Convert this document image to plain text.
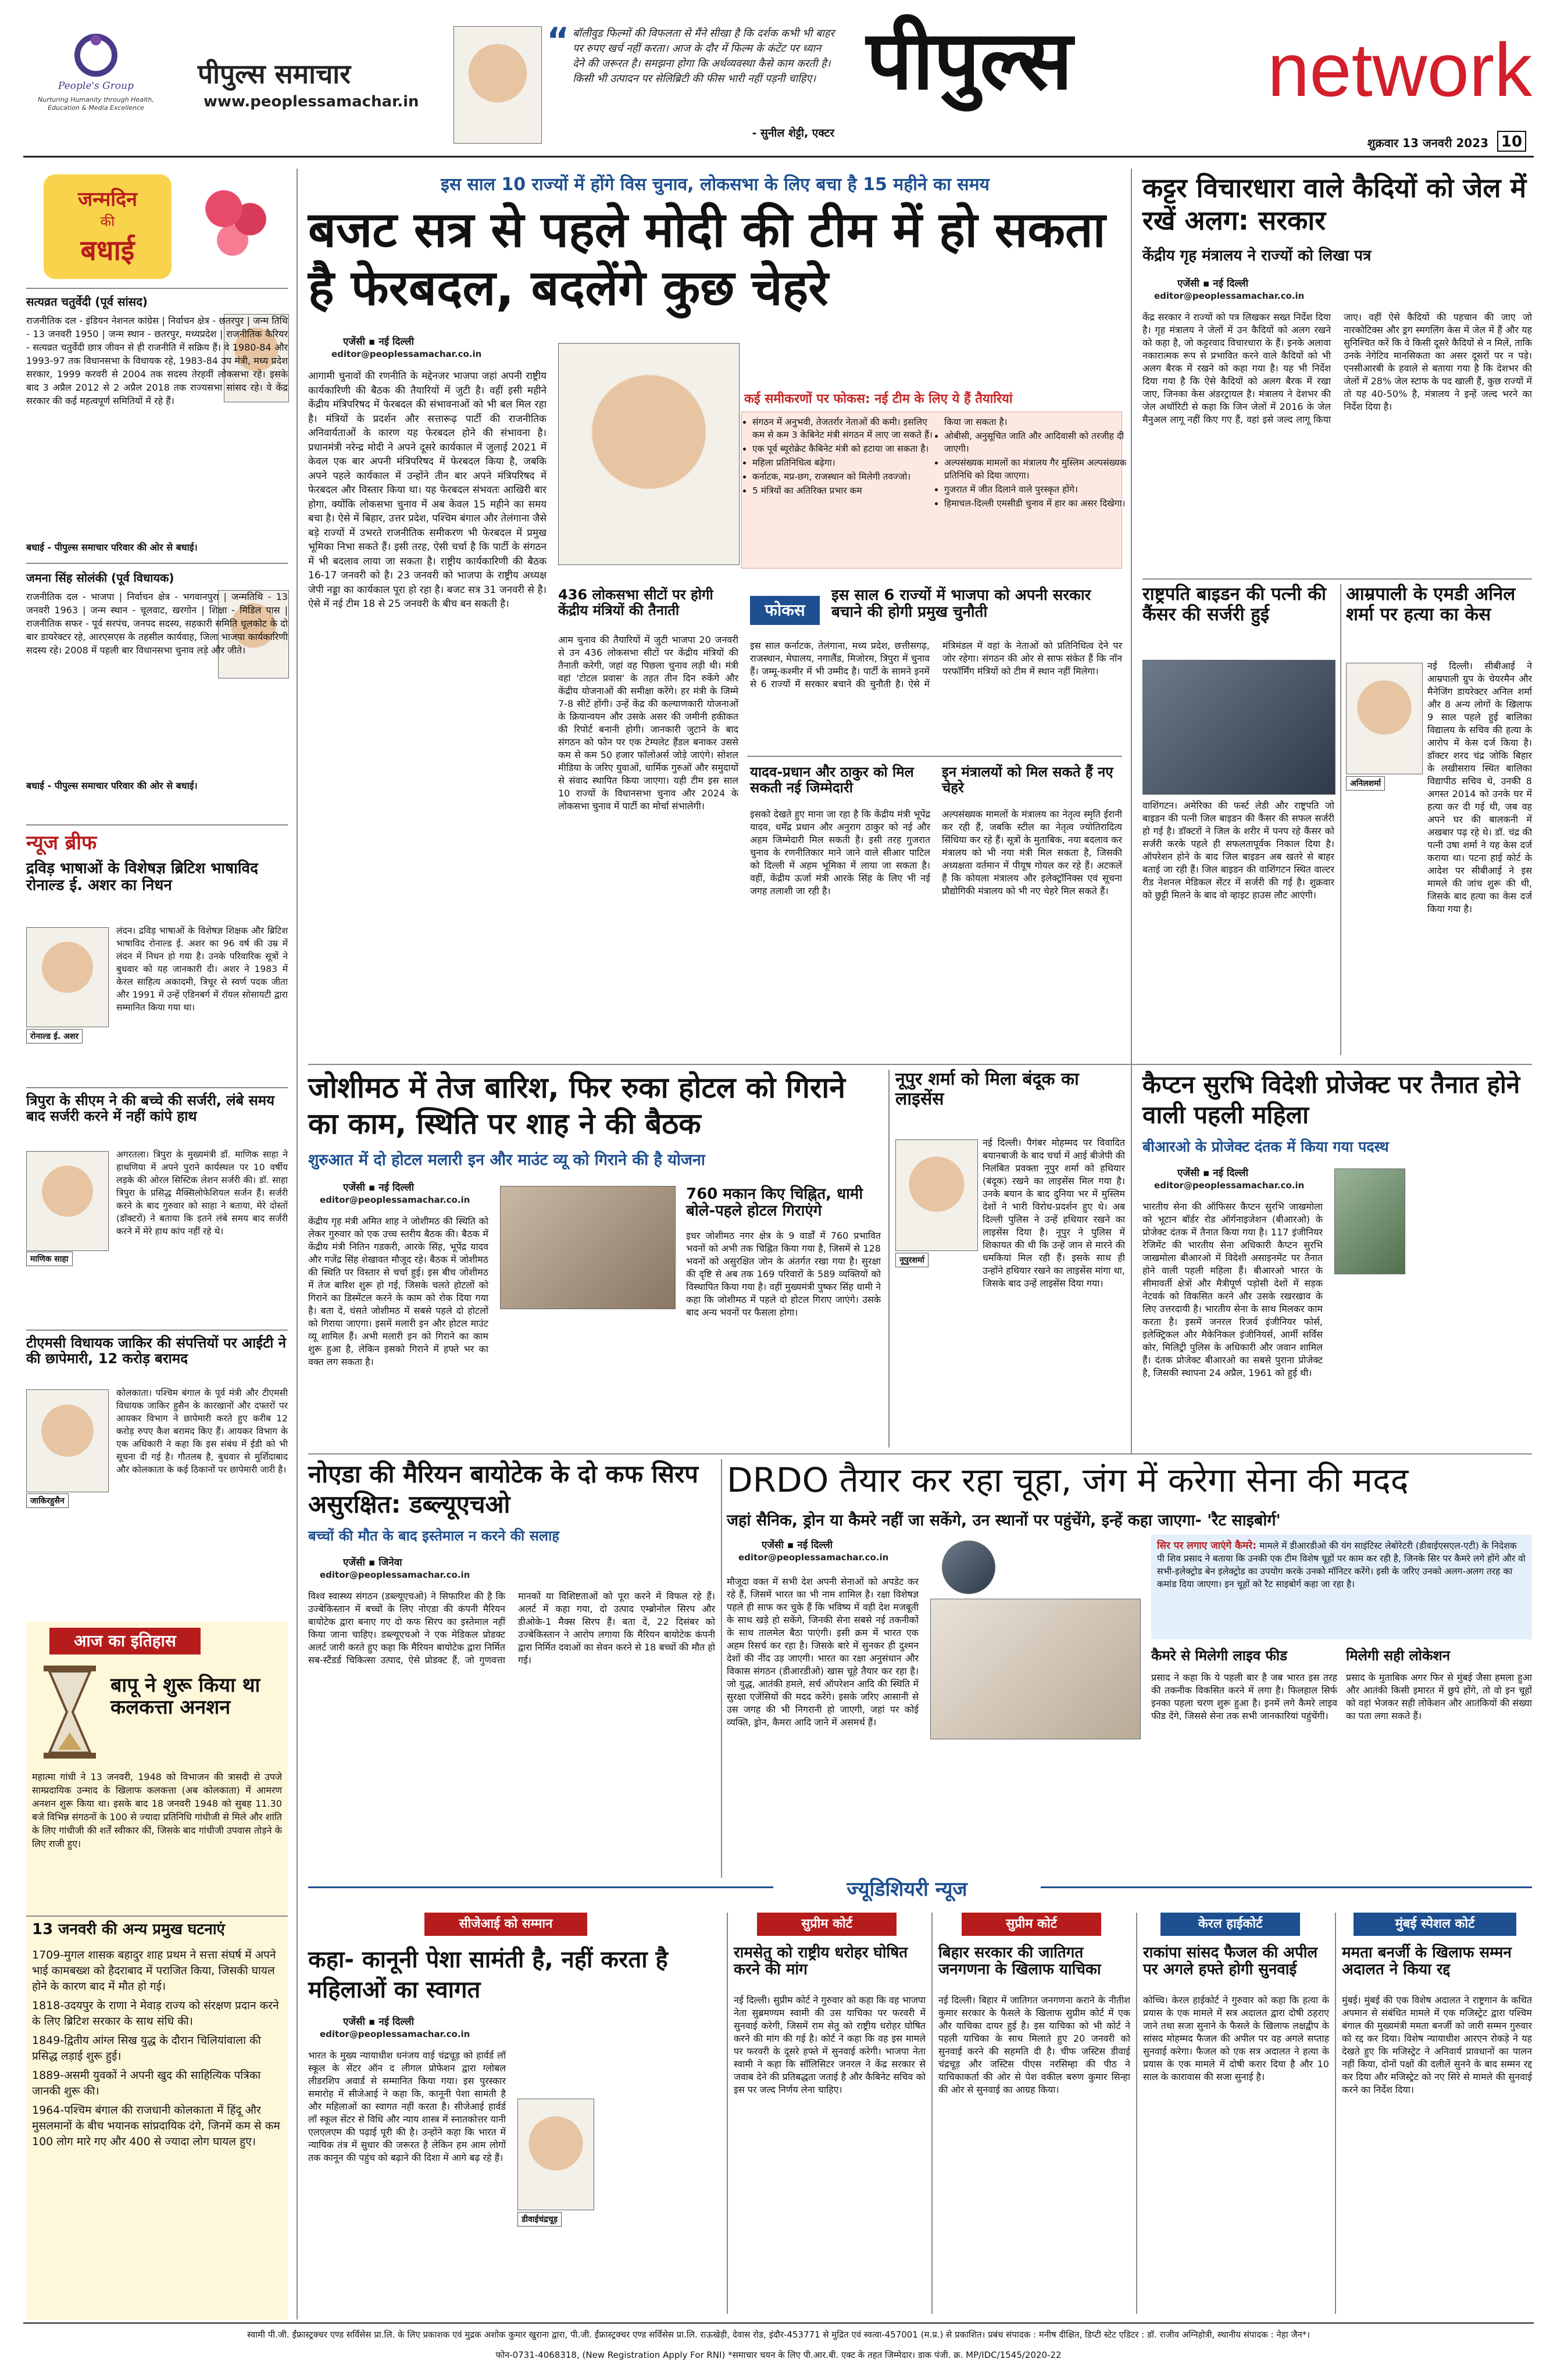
People's Group
Nurturing Humanity through Health, Education & Media Excellence
पीपुल्स समाचार
www.peoplessamachar.in
“ बॉलीवुड फिल्मों की विफलता से मैंने सीखा है कि दर्शक कभी भी बाहर पर रुपए खर्च नहीं करता। आज के दौर में फिल्म के कंटेंट पर ध्यान देने की जरूरत है। समझना होगा कि अर्थव्यवस्था कैसे काम करती है। किसी भी उत्पादन पर सेलिब्रिटी की फीस भारी नहीं पड़नी चाहिए।
- सुनील शेट्टी, एक्टर
पीपुल्स	network
शुक्रवार 13 जनवरी 2023 10
जन्मदिन
की
बधाई
सत्यव्रत चतुर्वेदी (पूर्व सांसद)
राजनीतिक दल - इंडियन नेशनल कांग्रेस | निर्वाचन क्षेत्र - छतरपुर | जन्म तिथि - 13 जनवरी 1950 | जन्म स्थान - छतरपुर, मध्यप्रदेश | राजनीतिक कैरियर - सत्यव्रत चतुर्वेदी छात्र जीवन से ही राजनीति में सक्रिय हैं। वे 1980-84 और 1993-97 तक विधानसभा के विधायक रहे, 1983-84 उप मंत्री, मध्य प्रदेश सरकार, 1999 करवरी से 2004 तक सदस्य तेरहवीं लोकसभा रहे। इसके बाद 3 अप्रैल 2012 से 2 अप्रैल 2018 तक राज्यसभा सांसद रहे। वे केंद्र सरकार की कई महत्वपूर्ण समितियों में रहे हैं।
बधाई - पीपुल्स समाचार परिवार की ओर से बधाई।
जमना सिंह सोलंकी (पूर्व विधायक)
राजनीतिक दल - भाजपा | निर्वाचन क्षेत्र - भगवानपुरा | जन्मतिथि - 13 जनवरी 1963 | जन्म स्थान - चूलवाट, खरगोन | शिक्षा - मिडिल पास | राजनीतिक सफर - पूर्व सरपंच, जनपद सदस्य, सहकारी समिति धूलकोट के दो बार डायरेक्टर रहे, आरएसएस के तहसील कार्यवाह, जिला भाजपा कार्यकारिणी सदस्य रहे। 2008 में पहली बार विधानसभा चुनाव लड़े और जीते।
बधाई - पीपुल्स समाचार परिवार की ओर से बधाई।
न्यूज ब्रीफ
द्रविड़ भाषाओं के विशेषज्ञ ब्रिटिश भाषाविद रोनाल्ड ई. अशर का निधन
रोनाल्ड ई. अशर
लंदन। द्रविड़ भाषाओं के विशेषज्ञ शिक्षक और ब्रिटिश भाषाविद रोनाल्ड ई. अशर का 96 वर्ष की उम्र में लंदन में निधन हो गया है। उनके परिवारिक सूत्रों ने बुधवार को यह जानकारी दी। अशर ने 1983 में केरल साहित्य अकादमी, त्रिचूर से स्वर्ण पदक जीता और 1991 में उन्हें एडिनबर्ग में रॉयल सोसायटी द्वारा सम्मानित किया गया था।
त्रिपुरा के सीएम ने की बच्चे की सर्जरी, लंबे समय बाद सर्जरी करने में नहीं कांपे हाथ
माणिक साहा
अगरतला। त्रिपुरा के मुख्यमंत्री डॉ. माणिक साहा ने हाथणिया में अपने पुराने कार्यस्थल पर 10 वर्षीय लड़के की ओरल सिस्टिक लेशन सर्जरी की। डॉ. साहा त्रिपुरा के प्रसिद्ध मैक्सिलोफेशियल सर्जन हैं। सर्जरी करने के बाद गुरुवार को साहा ने बताया, मेरे दोस्तों (डॉक्टरों) ने बताया कि इतने लंबे समय बाद सर्जरी करने में मेरे हाथ कांप नहीं रहे थे।
टीएमसी विधायक जाकिर की संपत्तियों पर आईटी ने की छापेमारी, 12 करोड़ बरामद
जाकिरहुसैन
कोलकाता। पश्चिम बंगाल के पूर्व मंत्री और टीएमसी विधायक जाकिर हुसैन के कारखानों और दफ्तरों पर आयकर विभाग ने छापेमारी करते हुए करीब 12 करोड़ रुपए कैश बरामद किए हैं। आयकर विभाग के एक अधिकारी ने कहा कि इस संबंध में ईडी को भी सूचना दी गई है। गौतलब है, बुधवार से मुर्शिदाबाद और कोलकाता के कई ठिकानों पर छापेमारी जारी है।
आज का इतिहास
बापू ने शुरू किया था कलकत्ता अनशन
महात्मा गांधी ने 13 जनवरी, 1948 को विभाजन की त्रासदी से उपजे साम्प्रदायिक उन्माद के खिलाफ कलकत्ता (अब कोलकाता) में आमरण अनशन शुरू किया था। इसके बाद 18 जनवरी 1948 को सुबह 11.30 बजे विभिन्न संगठनों के 100 से ज्यादा प्रतिनिधि गांधीजी से मिले और शांति के लिए गांधीजी की शर्तें स्वीकार कीं, जिसके बाद गांधीजी उपवास तोड़ने के लिए राजी हुए।
13 जनवरी की अन्य प्रमुख घटनाएं
1709-मुगल शासक बहादुर शाह प्रथम ने सत्ता संघर्ष में अपने भाई कामबख्श को हैदराबाद में पराजित किया, जिसकी घायल होने के कारण बाद में मौत हो गई।
1818-उदयपुर के राणा ने मेवाड़ राज्य को संरक्षण प्रदान करने के लिए ब्रिटिश सरकार के साथ संधि की।
1849-द्वितीय आंग्ल सिख युद्ध के दौरान चिलियांवाला की प्रसिद्ध लड़ाई शुरू हुई।
1889-असमी युवकों ने अपनी खुद की साहित्यिक पत्रिका जानकी शुरू की।
1964-पश्चिम बंगाल की राजधानी कोलकाता में हिंदू और मुसलमानों के बीच भयानक सांप्रदायिक दंगे, जिनमें कम से कम 100 लोग मारे गए और 400 से ज्यादा लोग घायल हुए।
इस साल 10 राज्यों में होंगे विस चुनाव, लोकसभा के लिए बचा है 15 महीने का समय
बजट सत्र से पहले मोदी की टीम में हो सकता है फेरबदल, बदलेंगे कुछ चेहरे
एजेंसी ▪ नई दिल्ली
editor@peoplessamachar.co.in
आगामी चुनावों की रणनीति के मद्देनजर भाजपा जहां अपनी राष्ट्रीय कार्यकारिणी की बैठक की तैयारियों में जुटी है। वहीं इसी महीने केंद्रीय मंत्रिपरिषद में फेरबदल की संभावनाओं को भी बल मिल रहा है। मंत्रियों के प्रदर्शन और सत्तारूढ़ पार्टी की राजनीतिक अनिवार्यताओं के कारण यह फेरबदल होने की संभावना है। प्रधानमंत्री नरेन्द्र मोदी ने अपने दूसरे कार्यकाल में जुलाई 2021 में केवल एक बार अपनी मंत्रिपरिषद में फेरबदल किया है, जबकि अपने पहले कार्यकाल में उन्होंने तीन बार अपने मंत्रिपरिषद में फेरबदल और विस्तार किया था। यह फेरबदल संभवतः आखिरी बार होगा, क्योंकि लोकसभा चुनाव में अब केवल 15 महीने का समय बचा है। ऐसे में बिहार, उत्तर प्रदेश, पश्चिम बंगाल और तेलंगाना जैसे बड़े राज्यों में उभरते राजनीतिक समीकरण भी फेरबदल में प्रमुख भूमिका निभा सकते हैं। इसी तरह, ऐसी चर्चा है कि पार्टी के संगठन में भी बदलाव लाया जा सकता है। राष्ट्रीय कार्यकारिणी की बैठक 16-17 जनवरी को है। 23 जनवरी को भाजपा के राष्ट्रीय अध्यक्ष जेपी नड्डा का कार्यकाल पूरा हो रहा है। बजट सत्र 31 जनवरी से है। ऐसे में नई टीम 18 से 25 जनवरी के बीच बन सकती है।
कई समीकरणों पर फोकस: नई टीम के लिए ये हैं तैयारियां
• संगठन में अनुभवी, तेजतर्रार नेताओं की कमी। इसलिए कम से कम 3 केबिनेट मंत्री संगठन में लाए जा सकते हैं।
• एक पूर्व ब्यूरोक्रेट कैबिनेट मंत्री को हटाया जा सकता है।
• महिला प्रतिनिधित्व बढ़ेगा।
• कर्नाटक, मप्र-छग, राजस्थान को मिलेगी तवज्जो।
• 5 मंत्रियों का अतिरिक्त प्रभार कम
किया जा सकता है।
• ओबीसी, अनुसूचित जाति और आदिवासी को तरजीह दी जाएगी।
• अल्पसंख्यक मामलों का मंत्रालय गैर मुस्लिम अल्पसंख्यक प्रतिनिधि को दिया जाएगा।
• गुजरात में जीत दिलाने वाले पुरस्कृत होंगे।
• हिमाचल-दिल्ली एमसीडी चुनाव में हार का असर दिखेगा।
436 लोकसभा सीटों पर होगी केंद्रीय मंत्रियों की तैनाती
आम चुनाव की तैयारियों में जुटी भाजपा 20 जनवरी से उन 436 लोकसभा सीटों पर केंद्रीय मंत्रियों की तैनाती करेगी, जहां वह पिछला चुनाव लड़ी थी। मंत्री वहां 'टोटल प्रवास' के तहत तीन दिन रुकेंगे और केंद्रीय योजनाओं की समीक्षा करेंगे। हर मंत्री के जिम्मे 7-8 सीटें होंगी। उन्हें केंद्र की कल्याणकारी योजनाओं के क्रियान्वयन और उसके असर की जमीनी हकीकत की रिपोर्ट बनानी होगी। जानकारी जुटाने के बाद संगठन को फोन पर एक टेम्पलेट हैंडल बनाकर उससे कम से कम 50 हजार फॉलोअर्स जोड़े जाएंगे। सोशल मीडिया के जरिए युवाओं, धार्मिक गुरुओं और समुदायों से संवाद स्थापित किया जाएगा। यही टीम इस साल 10 राज्यों के विधानसभा चुनाव और 2024 के लोकसभा चुनाव में पार्टी का मोर्चा संभालेगी।
फोकस
इस साल 6 राज्यों में भाजपा को अपनी सरकार बचाने की होगी प्रमुख चुनौती
इस साल कर्नाटक, तेलंगाना, मध्य प्रदेश, छत्तीसगढ़, राजस्थान, मेघालय, नगालैंड, मिजोरम, त्रिपुरा में चुनाव हैं। जम्मू-कश्मीर में भी उम्मीद है। पार्टी के सामने इनमें से 6 राज्यों में सरकार बचाने की चुनौती है। ऐसे में मंत्रिमंडल में वहां के नेताओं को प्रतिनिधित्व देने पर जोर रहेगा। संगठन की ओर से साफ संकेत हैं कि नॉन परफॉर्मिंग मंत्रियों को टीम में स्थान नहीं मिलेगा।
यादव-प्रधान और ठाकुर को मिल सकती नई जिम्मेदारी
इसको देखते हुए माना जा रहा है कि केंद्रीय मंत्री भूपेंद्र यादव, धर्मेंद्र प्रधान और अनुराग ठाकुर को नई और अहम जिम्मेदारी मिल सकती है। इसी तरह गुजरात चुनाव के रणनीतिकार माने जाने वाले सीआर पाटिल को दिल्ली में अहम भूमिका में लाया जा सकता है। वहीं, केंद्रीय ऊर्जा मंत्री आरके सिंह के लिए भी नई जगह तलाशी जा रही है।
इन मंत्रालयों को मिल सकते हैं नए चेहरे
अल्पसंख्यक मामलों के मंत्रालय का नेतृत्व स्मृति ईरानी कर रही हैं, जबकि स्टील का नेतृत्व ज्योतिरादित्य सिंधिया कर रहे हैं। सूत्रों के मुताबिक, नया बदलाव कर मंत्रालय को भी नया मंत्री मिल सकता है, जिसकी अध्यक्षता वर्तमान में पीयूष गोयल कर रहे हैं। अटकलें हैं कि कोयला मंत्रालय और इलेक्ट्रॉनिक्स एवं सूचना प्रौद्योगिकी मंत्रालय को भी नए चेहरे मिल सकते हैं।
कट्टर विचारधारा वाले कैदियों को जेल में रखें अलग: सरकार
केंद्रीय गृह मंत्रालय ने राज्यों को लिखा पत्र
एजेंसी ▪ नई दिल्ली
editor@peoplessamachar.co.in
केंद्र सरकार ने राज्यों को पत्र लिखकर सख्त निर्देश दिया है। गृह मंत्रालय ने जेलों में उन कैदियों को अलग रखने को कहा है, जो कट्टरवाद विचारधारा के हैं। इनके अलावा नकारात्मक रूप से प्रभावित करने वाले कैदियों को भी अलग बैरक में रखने को कहा गया है। यह भी निर्देश दिया गया है कि ऐसे कैदियों को अलग बैरक में रखा जाए, जिनका केस अंडरट्रायल है। मंत्रालय ने देशभर की जेल अथॉरिटी से कहा कि जिन जेलों में 2016 के जेल मैनुअल लागू नहीं किए गए हैं, वहां इसे जल्द लागू किया जाए। वहीं ऐसे कैदियों की पहचान की जाए जो नारकोटिक्स और ड्रग स्मगलिंग केस में जेल में हैं और यह सुनिश्चित करें कि वे किसी दूसरे कैदियों से न मिलें, ताकि उनके नेगेटिव मानसिकता का असर दूसरों पर न पड़े। एनसीआरबी के हवाले से बताया गया है कि देशभर की जेलों में 28% जेल स्टाफ के पद खाली हैं, कुछ राज्यों में तो यह 40-50% है, मंत्रालय ने इन्हें जल्द भरने का निर्देश दिया है।
राष्ट्रपति बाइडन की पत्नी की कैंसर की सर्जरी हुई
वाशिंगटन। अमेरिका की फर्स्ट लेडी और राष्ट्रपति जो बाइडन की पत्नी जिल बाइडन की कैंसर की सफल सर्जरी हो गई है। डॉक्टरों ने जिल के शरीर में पनप रहे कैंसर को सर्जरी करके पहले ही सफलतापूर्वक निकाल दिया है। ऑपरेशन होने के बाद जिल बाइडन अब खतरे से बाहर बताई जा रही हैं। जिल बाइडन की वाशिंगटन स्थित वाल्टर रीड नेशनल मेडिकल सेंटर में सर्जरी की गई है। शुक्रवार को छुट्टी मिलने के बाद वो व्हाइट हाउस लौट आएंगी।
आम्रपाली के एमडी अनिल शर्मा पर हत्या का केस
अनिलशर्मा
नई दिल्ली। सीबीआई ने आम्रपाली ग्रुप के चेयरमैन और मैनेजिंग डायरेक्टर अनिल शर्मा और 8 अन्य लोगों के खिलाफ 9 साल पहले हुई बालिका विद्यालय के सचिव की हत्या के आरोप में केस दर्ज किया है। डॉक्टर शरद चंद्र जोकि बिहार के लखीसराय स्थित बालिका विद्यापीठ सचिव थे, उनकी 8 अगस्त 2014 को उनके घर में हत्या कर दी गई थी, जब वह अपने घर की बालकनी में अखबार पढ़ रहे थे। डॉ. चंद्र की पत्नी उषा शर्मा ने यह केस दर्ज कराया था। पटना हाई कोर्ट के आदेश पर सीबीआई ने इस मामले की जांच शुरू की थी, जिसके बाद हत्या का केस दर्ज किया गया है।
जोशीमठ में तेज बारिश, फिर रुका होटल को गिराने का काम, स्थिति पर शाह ने की बैठक
शुरुआत में दो होटल मलारी इन और माउंट व्यू को गिराने की है योजना
एजेंसी ▪ नई दिल्ली
editor@peoplessamachar.co.in
केंद्रीय गृह मंत्री अमित शाह ने जोशीमठ की स्थिति को लेकर गुरुवार को एक उच्च स्तरीय बैठक की। बैठक में केंद्रीय मंत्री नितिन गडकरी, आरके सिंह, भूपेंद्र यादव और गजेंद्र सिंह शेखावत मौजूद रहे। बैठक में जोशीमठ की स्थिति पर विस्तार से चर्चा हुई। इस बीच जोशीमठ में तेज बारिश शुरू हो गई, जिसके चलते होटलों को गिराने का डिस्मेंटल करने के काम को रोक दिया गया है। बता दें, धंसते जोशीमठ में सबसे पहले दो होटलों को गिराया जाएगा। इसमें मलारी इन और होटल माउंट व्यू शामिल हैं। अभी मलारी इन को गिराने का काम शुरू हुआ है, लेकिन इसको गिराने में हफ्ते भर का वक्त लग सकता है।
760 मकान किए चिह्नित, धामी बोले-पहले होटल गिराएंगे
इधर जोशीमठ नगर क्षेत्र के 9 वार्डों में 760 प्रभावित भवनों को अभी तक चिह्नित किया गया है, जिसमें से 128 भवनों को असुरक्षित जोन के अंतर्गत रखा गया है। सुरक्षा की दृष्टि से अब तक 169 परिवारों के 589 व्यक्तियों को विस्थापित किया गया है। वहीं मुख्यमंत्री पुष्कर सिंह धामी ने कहा कि जोशीमठ में पहले दो होटल गिराए जाएंगे। उसके बाद अन्य भवनों पर फैसला होगा।
नूपुर शर्मा को मिला बंदूक का लाइसेंस
नूपुरशर्मा
नई दिल्ली। पैगंबर मोहम्मद पर विवादित बयानबाजी के बाद चर्चा में आई बीजेपी की निलंबित प्रवक्ता नूपुर शर्मा को हथियार (बंदूक) रखने का लाइसेंस मिल गया है। उनके बयान के बाद दुनिया भर में मुस्लिम देशों ने भारी विरोध-प्रदर्शन हुए थे। अब दिल्ली पुलिस ने उन्हें हथियार रखने का लाइसेंस दिया है। नूपुर ने पुलिस में शिकायत की थी कि उन्हें जान से मारने की धमकियां मिल रही हैं। इसके साथ ही उन्होंने हथियार रखने का लाइसेंस मांगा था, जिसके बाद उन्हें लाइसेंस दिया गया।
कैप्टन सुरभि विदेशी प्रोजेक्ट पर तैनात होने वाली पहली महिला
बीआरओ के प्रोजेक्ट दंतक में किया गया पदस्थ
एजेंसी ▪ नई दिल्ली
editor@peoplessamachar.co.in
भारतीय सेना की ऑफिसर कैप्टन सुरभि जाखमोला को भूटान बॉर्डर रोड ऑर्गनाइजेशन (बीआरओ) के प्रोजेक्ट दंतक में तैनात किया गया है। 117 इंजीनियर रेजिमेंट की भारतीय सेना अधिकारी कैप्टन सुरभि जाखमोला बीआरओ में विदेशी असाइनमेंट पर तैनात होने वाली पहली महिला हैं। बीआरओ भारत के सीमावर्ती क्षेत्रों और मैत्रीपूर्ण पड़ोसी देशों में सड़क नेटवर्क को विकसित करने और उसके रखरखाव के लिए उत्तरदायी है। भारतीय सेना के साथ मिलकर काम करता है। इसमें जनरल रिजर्व इंजीनियर फोर्स, इलेक्ट्रिकल और मैकेनिकल इंजीनियर्स, आर्मी सर्विस कोर, मिलिट्री पुलिस के अधिकारी और जवान शामिल हैं। दंतक प्रोजेक्ट बीआरओ का सबसे पुराना प्रोजेक्ट है, जिसकी स्थापना 24 अप्रैल, 1961 को हुई थी।
नोएडा की मैरियन बायोटेक के दो कफ सिरप असुरक्षित: डब्ल्यूएचओ
बच्चों की मौत के बाद इस्तेमाल न करने की सलाह
एजेंसी ▪ जिनेवा
editor@peoplessamachar.co.in
विश्व स्वास्थ्य संगठन (डब्ल्यूएचओ) ने सिफारिश की है कि उज्बेकिस्तान में बच्चों के लिए नोएडा की कंपनी मैरियन बायोटेक द्वारा बनाए गए दो कफ सिरप का इस्तेमाल नहीं किया जाना चाहिए। डब्ल्यूएचओ ने एक मेडिकल प्रोडक्ट अलर्ट जारी करते हुए कहा कि मैरियन बायोटेक द्वारा निर्मित सब-स्टैंडर्ड चिकित्सा उत्पाद, ऐसे प्रोडक्ट हैं, जो गुणवत्ता मानकों या विशिष्टताओं को पूरा करने में विफल रहे हैं। अलर्ट में कहा गया, दो उत्पाद एम्ब्रोनोल सिरप और डीओके-1 मैक्स सिरप हैं। बता दें, 22 दिसंबर को उज्बेकिस्तान ने आरोप लगाया कि मैरियन बायोटेक कंपनी द्वारा निर्मित दवाओं का सेवन करने से 18 बच्चों की मौत हो गई।
DRDO तैयार कर रहा चूहा, जंग में करेगा सेना की मदद
जहां सैनिक, ड्रोन या कैमरे नहीं जा सकेंगे, उन स्थानों पर पहुंचेंगे, इन्हें कहा जाएगा- 'रैट साइबोर्ग'
एजेंसी ▪ नई दिल्ली
editor@peoplessamachar.co.in
मौजूदा वक्त में सभी देश अपनी सेनाओं को अपडेट कर रहे हैं, जिसमें भारत का भी नाम शामिल है। रक्षा विशेषज्ञ पहले ही साफ कर चुके हैं कि भविष्य में वही देश मजबूती के साथ खड़े हो सकेंगे, जिनकी सेना सबसे नई तकनीकों के साथ तालमेल बैठा पाएंगी। इसी क्रम में भारत एक अहम रिसर्च कर रहा है। जिसके बारे में सुनकर ही दुश्मन देशों की नींद उड़ जाएगी। भारत का रक्षा अनुसंधान और विकास संगठन (डीआरडीओ) खास चूहे तैयार कर रहा है। जो युद्ध, आतंकी हमले, सर्च ऑपरेशन आदि की स्थिति में सुरक्षा एजेंसियों की मदद करेंगे। इसके जरिए आसानी से उस जगह की भी निगरानी हो जाएगी, जहां पर कोई व्यक्ति, ड्रोन, कैमरा आदि जाने में असमर्थ हैं।
सिर पर लगाए जाएंगे कैमरे: मामले में डीआरडीओ की यंग साइंटिस्ट लेबोरेटरी (डीवाईएसएल-एटी) के निदेशक पी शिव प्रसाद ने बताया कि उनकी एक टीम विशेष चूहों पर काम कर रही है, जिनके सिर पर कैमरे लगे होंगे और वो सभी-इलेक्ट्रोड बेन इलेक्ट्रोड का उपयोग करके उनको मॉनिटर करेंगे। इसी के जरिए उनको अलग-अलग तरह का कमांड दिया जाएगा। इन चूहों को रैट साइबोर्ग कहा जा रहा है।
कैमरे से मिलेगी लाइव फीड
प्रसाद ने कहा कि ये पहली बार है जब भारत इस तरह की तकनीक विकसित करने में लगा है। फिलहाल सिर्फ इनका पहला चरण शुरू हुआ है। इनमें लगे कैमरे लाइव फीड देंगे, जिससे सेना तक सभी जानकारियां पहुंचेंगी।
मिलेगी सही लोकेशन
प्रसाद के मुताबिक अगर फिर से मुंबई जैसा हमला हुआ और आतंकी किसी इमारत में छुपे होंगे, तो वो इन चूहों को वहां भेजकर सही लोकेशन और आतंकियों की संख्या का पता लगा सकते हैं।
ज्यूडिशियरी न्यूज
सीजेआई को सम्मान
कहा- कानूनी पेशा सामंती है, नहीं करता है महिलाओं का स्वागत
एजेंसी ▪ नई दिल्ली
editor@peoplessamachar.co.in
भारत के मुख्य न्यायाधीश धनंजय वाई चंद्रचूड़ को हार्वर्ड लॉ स्कूल के सेंटर ऑन द लीगल प्रोफेशन द्वारा ग्लोबल लीडरशिप अवार्ड से सम्मानित किया गया। इस पुरस्कार समारोह में सीजेआई ने कहा कि, कानूनी पेशा सामंती है और महिलाओं का स्वागत नहीं करता है। सीजेआई हार्वर्ड लॉ स्कूल सेंटर से विधि और न्याय शास्त्र में स्नातकोत्तर यानी एलएलएम की पढ़ाई पूरी की है। उन्होंने कहा कि भारत में न्यायिक तंत्र में सुधार की जरूरत है लेकिन हम आम लोगों तक कानून की पहुंच को बढ़ाने की दिशा में आगे बढ़ रहे हैं।
डीवाईचंद्रचूड़
सुप्रीम कोर्ट
रामसेतु को राष्ट्रीय धरोहर घोषित करने की मांग
नई दिल्ली। सुप्रीम कोर्ट ने गुरुवार को कहा कि वह भाजपा नेता सुब्रमण्यम स्वामी की उस याचिका पर फरवरी में सुनवाई करेगी, जिसमें राम सेतु को राष्ट्रीय धरोहर घोषित करने की मांग की गई है। कोर्ट ने कहा कि वह इस मामले पर फरवरी के दूसरे हफ्ते में सुनवाई करेगी। भाजपा नेता स्वामी ने कहा कि सॉलिसिटर जनरल ने केंद्र सरकार से जवाब देने की प्रतिबद्धता जताई है और कैबिनेट सचिव को इस पर जल्द निर्णय लेना चाहिए।
सुप्रीम कोर्ट
बिहार सरकार की जातिगत जनगणना के खिलाफ याचिका
नई दिल्ली। बिहार में जातिगत जनगणना कराने के नीतीश कुमार सरकार के फैसले के खिलाफ सुप्रीम कोर्ट में एक और याचिका दायर हुई है। इस याचिका को भी कोर्ट ने पहली याचिका के साथ मिलाते हुए 20 जनवरी को सुनवाई करने की सहमति दी है। चीफ जस्टिस डीवाई चंद्रचूड़ और जस्टिस पीएस नरसिम्हा की पीठ ने याचिकाकर्ता की ओर से पेश वकील बरुण कुमार सिन्हा की ओर से सुनवाई का आग्रह किया।
केरल हाईकोर्ट
राकांपा सांसद फैजल की अपील पर अगले हफ्ते होगी सुनवाई
कोच्चि। केरल हाईकोर्ट ने गुरुवार को कहा कि हत्या के प्रयास के एक मामले में सत्र अदालत द्वारा दोषी ठहराए जाने तथा सजा सुनाने के फैसले के खिलाफ लक्षद्वीप के सांसद मोहम्मद फैजल की अपील पर वह अगले सप्ताह सुनवाई करेगा। फैजल को एक सत्र अदालत ने हत्या के प्रयास के एक मामले में दोषी करार दिया है और 10 साल के कारावास की सजा सुनाई है।
मुंबई स्पेशल कोर्ट
ममता बनर्जी के खिलाफ सम्मन अदालत ने किया रद्द
मुंबई। मुंबई की एक विशेष अदालत ने राष्ट्रगान के कथित अपमान से संबंधित मामले में एक मजिस्ट्रेट द्वारा पश्चिम बंगाल की मुख्यमंत्री ममता बनर्जी को जारी सम्मन गुरुवार को रद्द कर दिया। विशेष न्यायाधीश आरएन रोकड़े ने यह देखते हुए कि मजिस्ट्रेट ने अनिवार्य प्रावधानों का पालन नहीं किया, दोनों पक्षों की दलीलें सुनने के बाद सम्मन रद्द कर दिया और मजिस्ट्रेट को नए सिरे से मामले की सुनवाई करने का निर्देश दिया।
स्वामी पी.जी. ईंफ्रास्ट्रक्चर एण्ड सर्विसेस प्रा.लि. के लिए प्रकाशक एवं मुद्रक अशोक कुमार खुराना द्वारा, पी.जी. ईंफ्रास्ट्रक्चर एण्ड सर्विसेस प्रा.लि. राऊखेड़ी, देवास रोड, इंदौर-453771 से मुद्रित एवं स्वत्वा-457001 (म.प्र.) से प्रकाशित। प्रबंध संपादक : मनीष दीक्षित, डिप्टी स्टेट एडिटर : डॉ. राजीव अग्निहोत्री, स्थानीय संपादक : नेहा जैन*।
फोन-0731-4068318, (New Registration Apply For RNI) *समाचार चयन के लिए पी.आर.बी. एक्ट के तहत जिम्मेदार। डाक पंजी. क्र. MP/IDC/1545/2020-22
